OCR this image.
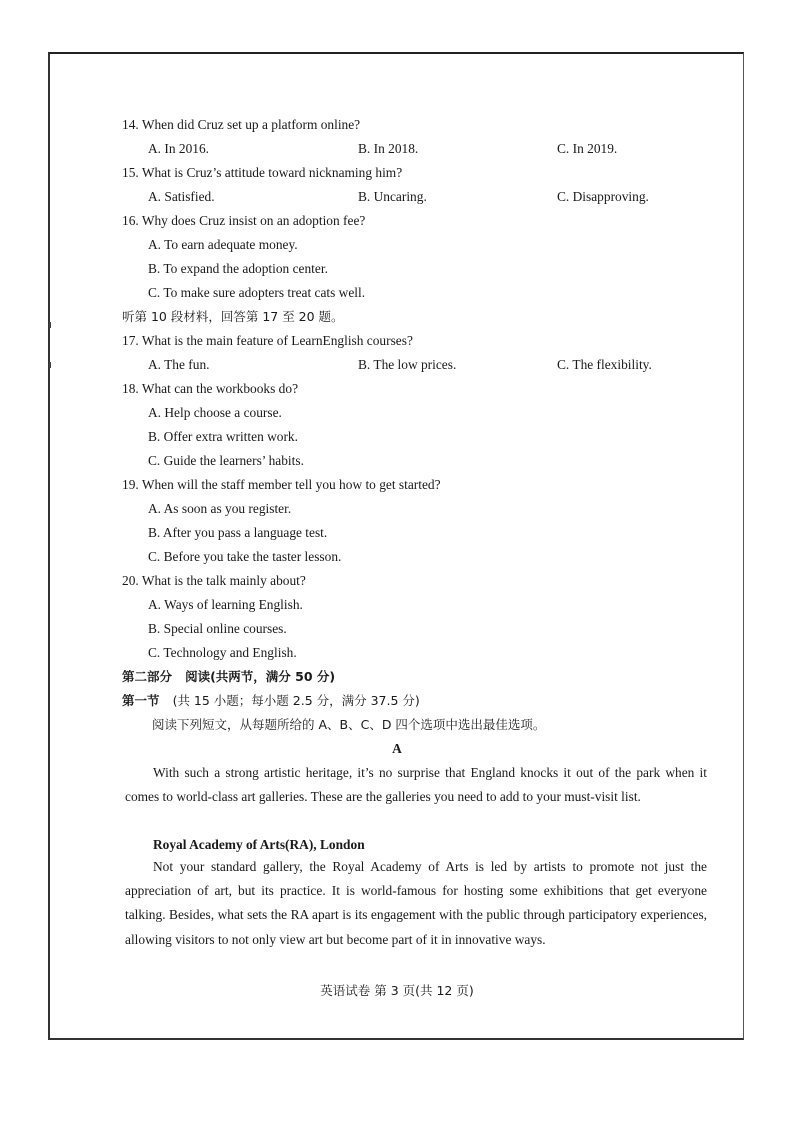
14. When did Cruz set up a platform online?
A. In 2016.	B. In 2018.	C. In 2019.
15. What is Cruz’s attitude toward nicknaming him?
A. Satisfied.	B. Uncaring.	C. Disapproving.
16. Why does Cruz insist on an adoption fee?
A. To earn adequate money.
B. To expand the adoption center.
C. To make sure adopters treat cats well.
听第 10 段材料，回答第 17 至 20 题。
17. What is the main feature of LearnEnglish courses?
A. The fun.	B. The low prices.	C. The flexibility.
18. What can the workbooks do?
A. Help choose a course.
B. Offer extra written work.
C. Guide the learners’ habits.
19. When will the staff member tell you how to get started?
A. As soon as you register.
B. After you pass a language test.
C. Before you take the taster lesson.
20. What is the talk mainly about?
A. Ways of learning English.
B. Special online courses.
C. Technology and English.
第二部分 阅读(共两节，满分 50 分)
第一节 (共 15 小题；每小题 2.5 分，满分 37.5 分)
阅读下列短文，从每题所给的 A、B、C、D 四个选项中选出最佳选项。
A
With such a strong artistic heritage, it’s no surprise that England knocks it out of the park when it comes to world-class art galleries. These are the galleries you need to add to your must-visit list.
Royal Academy of Arts(RA), London
Not your standard gallery, the Royal Academy of Arts is led by artists to promote not just the appreciation of art, but its practice. It is world-famous for hosting some exhibitions that get everyone talking. Besides, what sets the RA apart is its engagement with the public through participatory experiences, allowing visitors to not only view art but become part of it in innovative ways.
英语试卷 第 3 页(共 12 页)
